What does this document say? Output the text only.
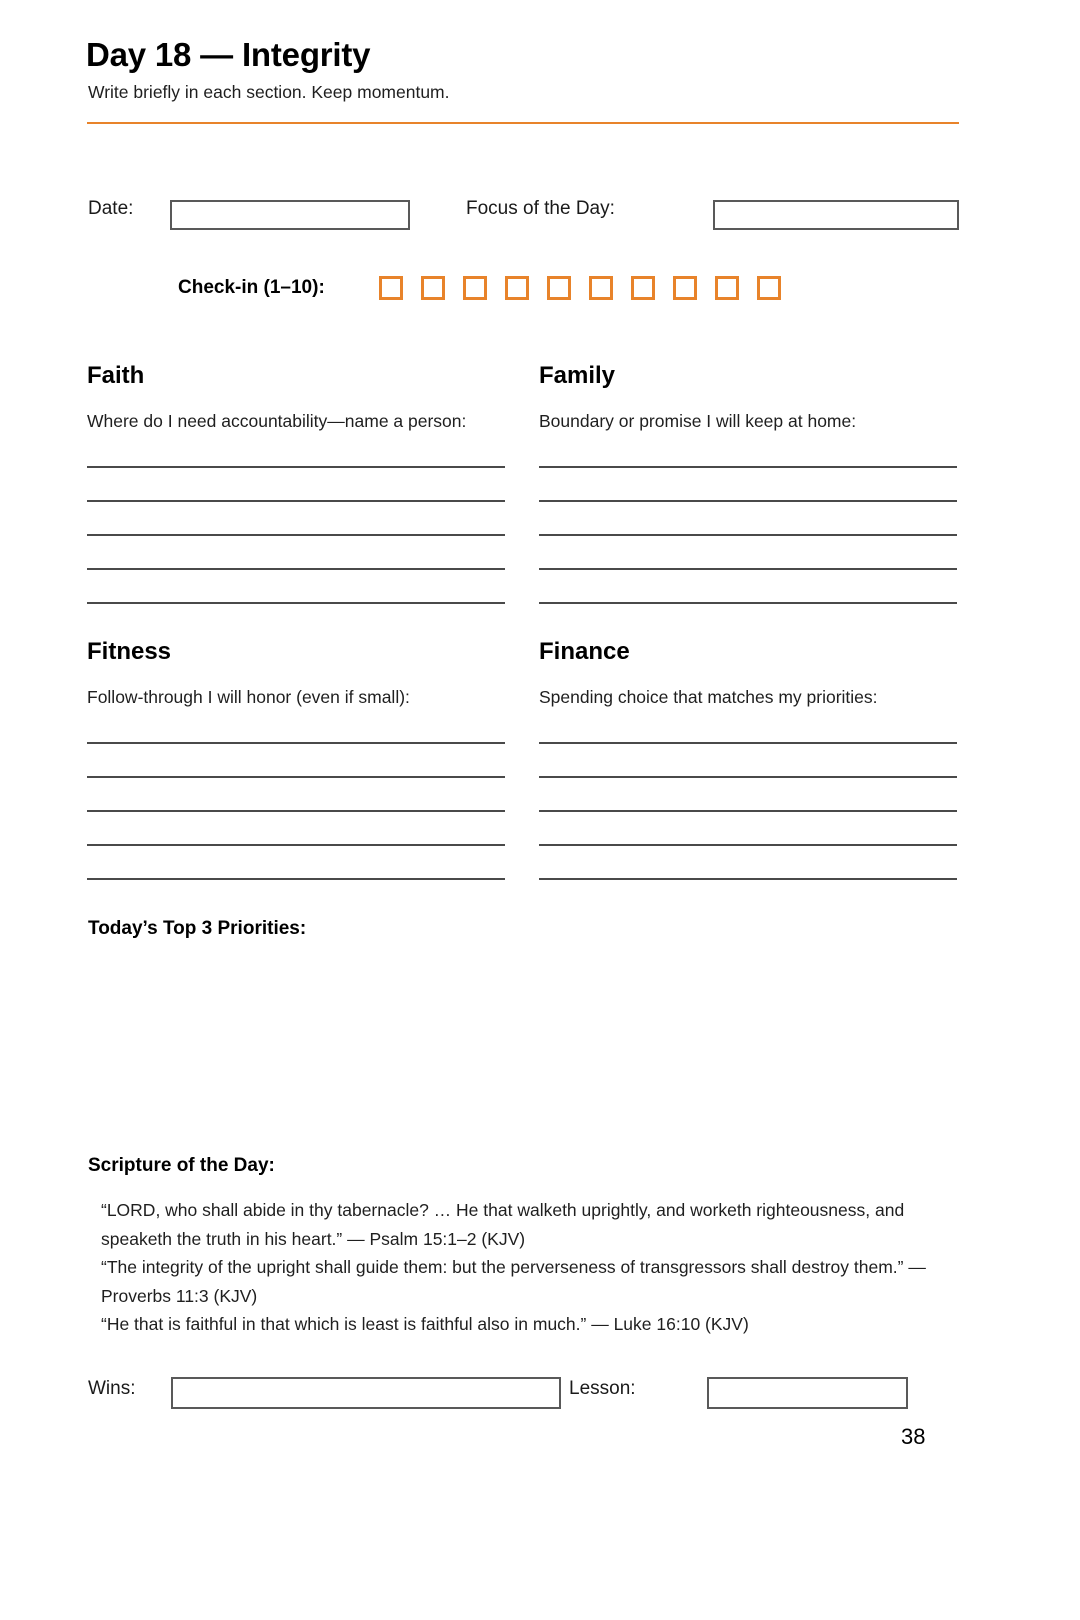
Day 18 — Integrity
Write briefly in each section. Keep momentum.
Date:	Focus of the Day:
Check-in (1–10):
Faith
Where do I need accountability—name a person:
Family
Boundary or promise I will keep at home:
Fitness
Follow-through I will honor (even if small):
Finance
Spending choice that matches my priorities:
Today’s Top 3 Priorities:
Scripture of the Day:

“LORD, who shall abide in thy tabernacle? … He that walketh uprightly, and worketh righteousness, and speaketh the truth in his heart.” — Psalm 15:1–2 (KJV)

“The integrity of the upright shall guide them: but the perverseness of transgressors shall destroy them.” — Proverbs 11:3 (KJV)

“He that is faithful in that which is least is faithful also in much.” — Luke 16:10 (KJV)

Wins:	Lesson:
38
